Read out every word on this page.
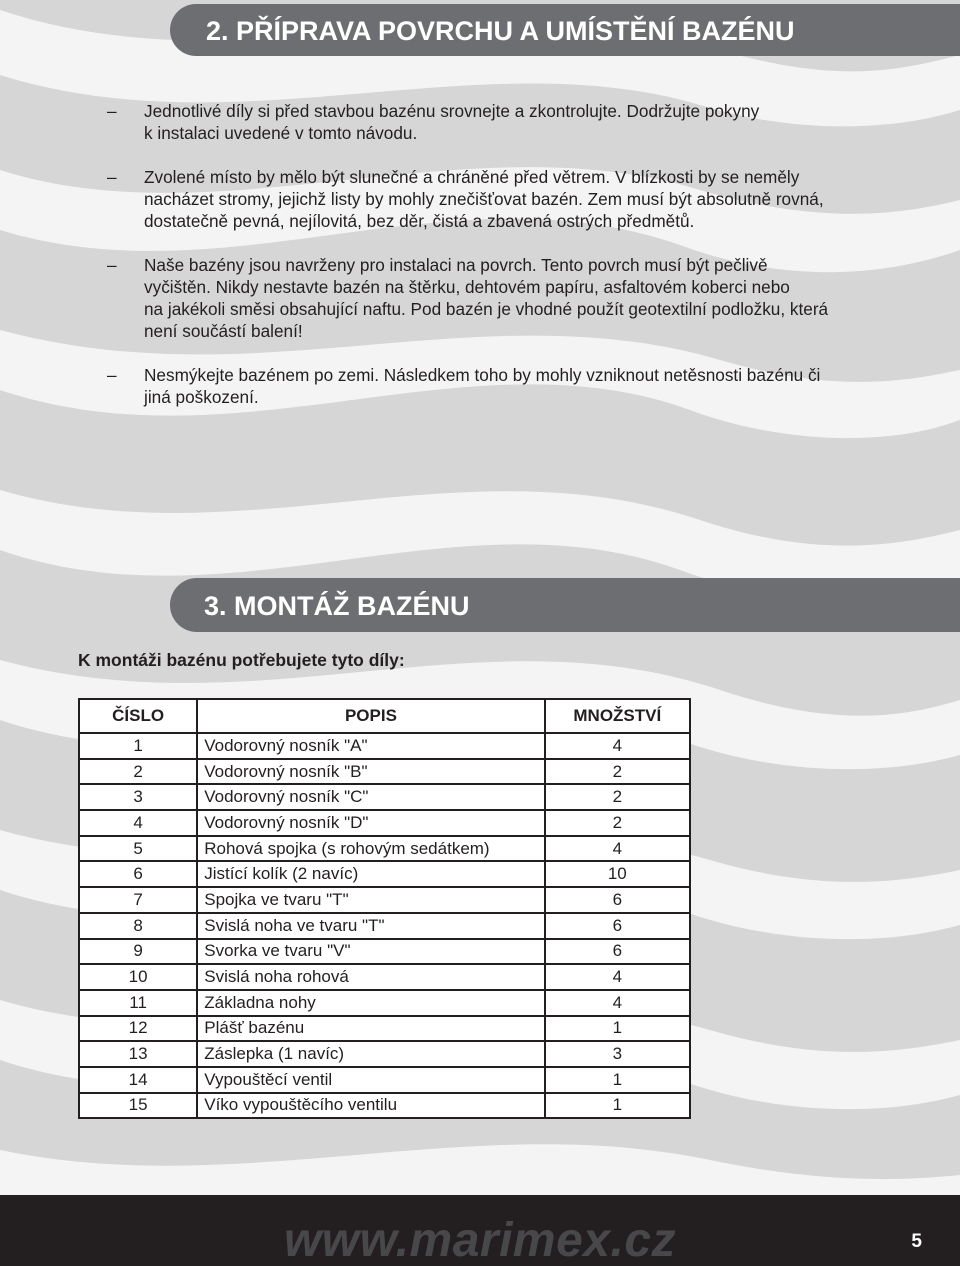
2. PŘÍPRAVA POVRCHU A UMÍSTĚNÍ BAZÉNU
– Jednotlivé díly si před stavbou bazénu srovnejte a zkontrolujte. Dodržujte pokyny
k instalaci uvedené v tomto návodu.
– Zvolené místo by mělo být slunečné a chráněné před větrem. V blízkosti by se neměly
nacházet stromy, jejichž listy by mohly znečišťovat bazén. Zem musí být absolutně rovná,
dostatečně pevná, nejílovitá, bez děr, čistá a zbavená ostrých předmětů.
– Naše bazény jsou navrženy pro instalaci na povrch. Tento povrch musí být pečlivě
vyčištěn. Nikdy nestavte bazén na štěrku, dehtovém papíru, asfaltovém koberci nebo
na jakékoli směsi obsahující naftu. Pod bazén je vhodné použít geotextilní podložku, která
není součástí balení!
– Nesmýkejte bazénem po zemi. Následkem toho by mohly vzniknout netěsnosti bazénu či
jiná poškození.
3. MONTÁŽ BAZÉNU
K montáži bazénu potřebujete tyto díly:
ČÍSLO	POPIS	MNOŽSTVÍ
1	Vodorovný nosník "A"	4
2	Vodorovný nosník "B"	2
3	Vodorovný nosník "C"	2
4	Vodorovný nosník "D"	2
5	Rohová spojka (s rohovým sedátkem)	4
6	Jistící kolík (2 navíc)	10
7	Spojka ve tvaru "T"	6
8	Svislá noha ve tvaru "T"	6
9	Svorka ve tvaru "V"	6
10	Svislá noha rohová	4
11	Základna nohy	4
12	Plášť bazénu	1
13	Záslepka (1 navíc)	3
14	Vypouštěcí ventil	1
15	Víko vypouštěcího ventilu	1
www.marimex.cz	5
